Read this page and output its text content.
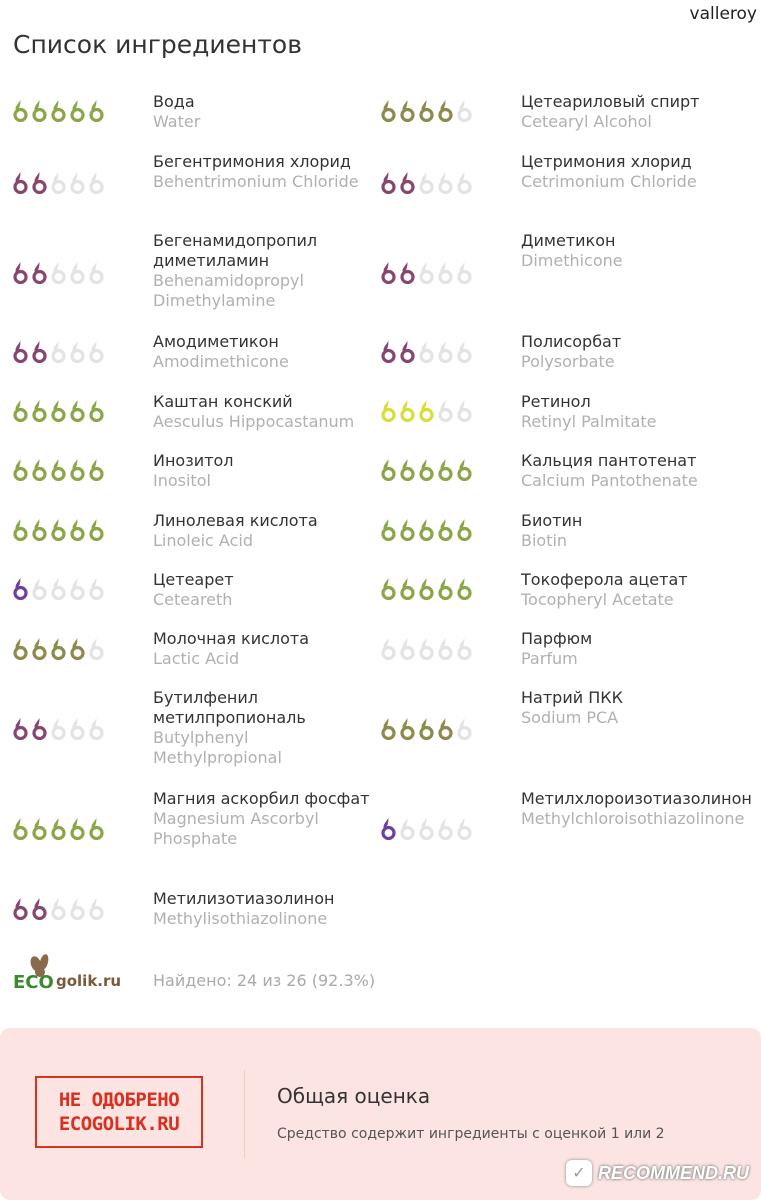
valleroy
Список ингредиентов
Вода
Water
Бегентримония хлорид
Behentrimonium Chloride
Бегенамидопропил диметиламин
Behenamidopropyl Dimethylamine
Амодиметикон
Amodimethicone
Каштан конский
Aesculus Hippocastanum
Инозитол
Inositol
Линолевая кислота
Linoleic Acid
Цетеарет
Ceteareth
Молочная кислота
Lactic Acid
Бутилфенил метилпропиональ
Butylphenyl Methylpropional
Магния аскорбил фосфат
Magnesium Ascorbyl Phosphate
Метилизотиазолинон
Methylisothiazolinone
Цетеариловый спирт
Cetearyl Alcohol
Цетримония хлорид
Cetrimonium Chloride
Диметикон
Dimethicone
Полисорбат
Polysorbate
Ретинол
Retinyl Palmitate
Кальция пантотенат
Calcium Pantothenate
Биотин
Biotin
Токоферола ацетат
Tocopheryl Acetate
Парфюм
Parfum
Натрий ПКК
Sodium PCA
Метилхлороизотиазолинон
Methylchloroisothiazolinone
ECO golik.ru Найдено: 24 из 26 (92.3%)
НЕ ОДОБРЕНО
ECOGOLIK.RU
Общая оценка
Средство содержит ингредиенты с оценкой 1 или 2
✓ RECOMMEND.RU
